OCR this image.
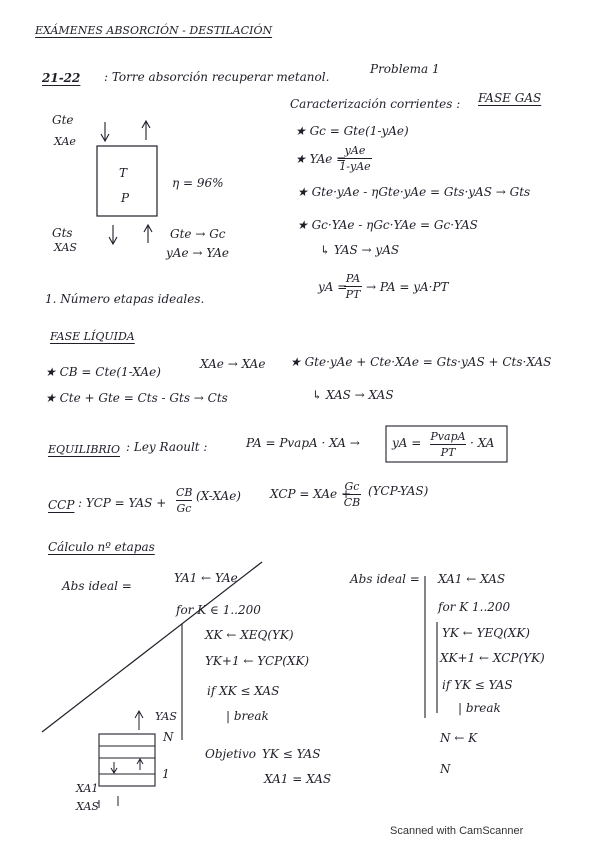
EXÁMENES ABSORCIÓN - DESTILACIÓN
21-22 : Torre absorción recuperar metanol.
Problema 1
Caracterización corrientes : FASE GAS
★ Gc = Gte(1-yAe)
★ YAe =
yAe
1-yAe
★ Gte·yAe - ηGte·yAe = Gts·yAS → Gts
★ Gc·YAe - ηGc·YAe = Gc·YAS
↳ YAS → yAS
yA =
PA
PT
→ PA = yA·PT
Gte
XAe
T
P
η = 96%
Gts
XAS
Gte → Gc
yAe → YAe
1. Número etapas ideales.
FASE LÍQUIDA
★ CB = Cte(1-XAe)
XAe → XAe ★ Gte·yAe + Cte·XAe = Gts·yAS + Cts·XAS
★ Cte + Gte = Cts - Gts → Cts	↳ XAS → XAS
EQUILIBRIO : Ley Raoult :	PA = PvapA · XA →	yA = PvapA
PT
· XA
CCP : YCP = YAS +
CB
Gc
(X-XAe) XCP = XAe +
Gc
CB
(YCP-YAS)
Cálculo nº etapas
Abs ideal =
YA1 ← YAe
for K ∈ 1..200
XK ← XEQ(YK)
YK+1 ← YCP(XK)
if XK ≤ XAS
| break
Abs ideal = XA1 ← XAS
for K 1..200
YK ← YEQ(XK)
XK+1 ← XCP(YK)
if YK ≤ YAS
| break
N ← K
N
Objetivo YK ≤ YAS
XA1 = XAS
YAS
N
1
XA1
XAS
Scanned with CamScanner
